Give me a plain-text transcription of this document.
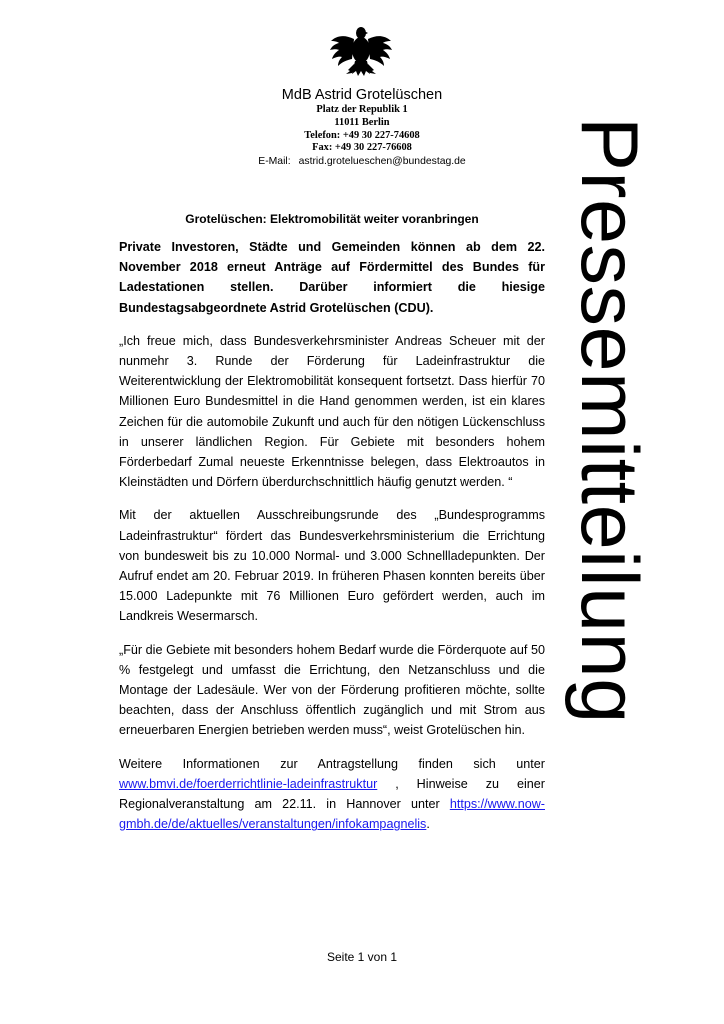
MdB Astrid Grotelüschen

Platz der Republik 1

11011 Berlin

Telefon: +49 30 227-74608

Fax: +49 30 227-76608

E-Mail: astrid.grotelueschen@bundestag.de	Pressemitteilung

Grotelüschen: Elektromobilität weiter voranbringen

Private Investoren, Städte und Gemeinden können ab dem 22. November 2018 erneut Anträge auf Fördermittel des Bundes für Ladestationen stellen. Darüber informiert die hiesige Bundestagsabgeordnete Astrid Grotelüschen (CDU).

„Ich freue mich, dass Bundesverkehrsminister Andreas Scheuer mit der nunmehr 3. Runde der Förderung für Ladeinfrastruktur die Weiterentwicklung der Elektromobilität konsequent fortsetzt. Dass hierfür 70 Millionen Euro Bundesmittel in die Hand genommen werden, ist ein klares Zeichen für die automobile Zukunft und auch für den nötigen Lückenschluss in unserer ländlichen Region. Für Gebiete mit besonders hohem Förderbedarf Zumal neueste Erkenntnisse belegen, dass Elektroautos in Kleinstädten und Dörfern überdurchschnittlich häufig genutzt werden. “

Mit der aktuellen Ausschreibungsrunde des „Bundesprogramms Ladeinfrastruktur“ fördert das Bundesverkehrsministerium die Errichtung von bundesweit bis zu 10.000 Normal- und 3.000 Schnellladepunkten. Der Aufruf endet am 20. Februar 2019. In früheren Phasen konnten bereits über 15.000 Ladepunkte mit 76 Millionen Euro gefördert werden, auch im Landkreis Wesermarsch.

„Für die Gebiete mit besonders hohem Bedarf wurde die Förderquote auf 50 % festgelegt und umfasst die Errichtung, den Netzanschluss und die Montage der Ladesäule. Wer von der Förderung profitieren möchte, sollte beachten, dass der Anschluss öffentlich zugänglich und mit Strom aus erneuerbaren Energien betrieben werden muss“, weist Grotelüschen hin.

Weitere Informationen zur Antragstellung finden sich unter www.bmvi.de/foerderrichtlinie-ladeinfrastruktur , Hinweise zu einer Regionalveranstaltung am 22.11. in Hannover unter https://www.now-gmbh.de/de/aktuelles/veranstaltungen/infokampagnelis.

Seite 1 von 1
